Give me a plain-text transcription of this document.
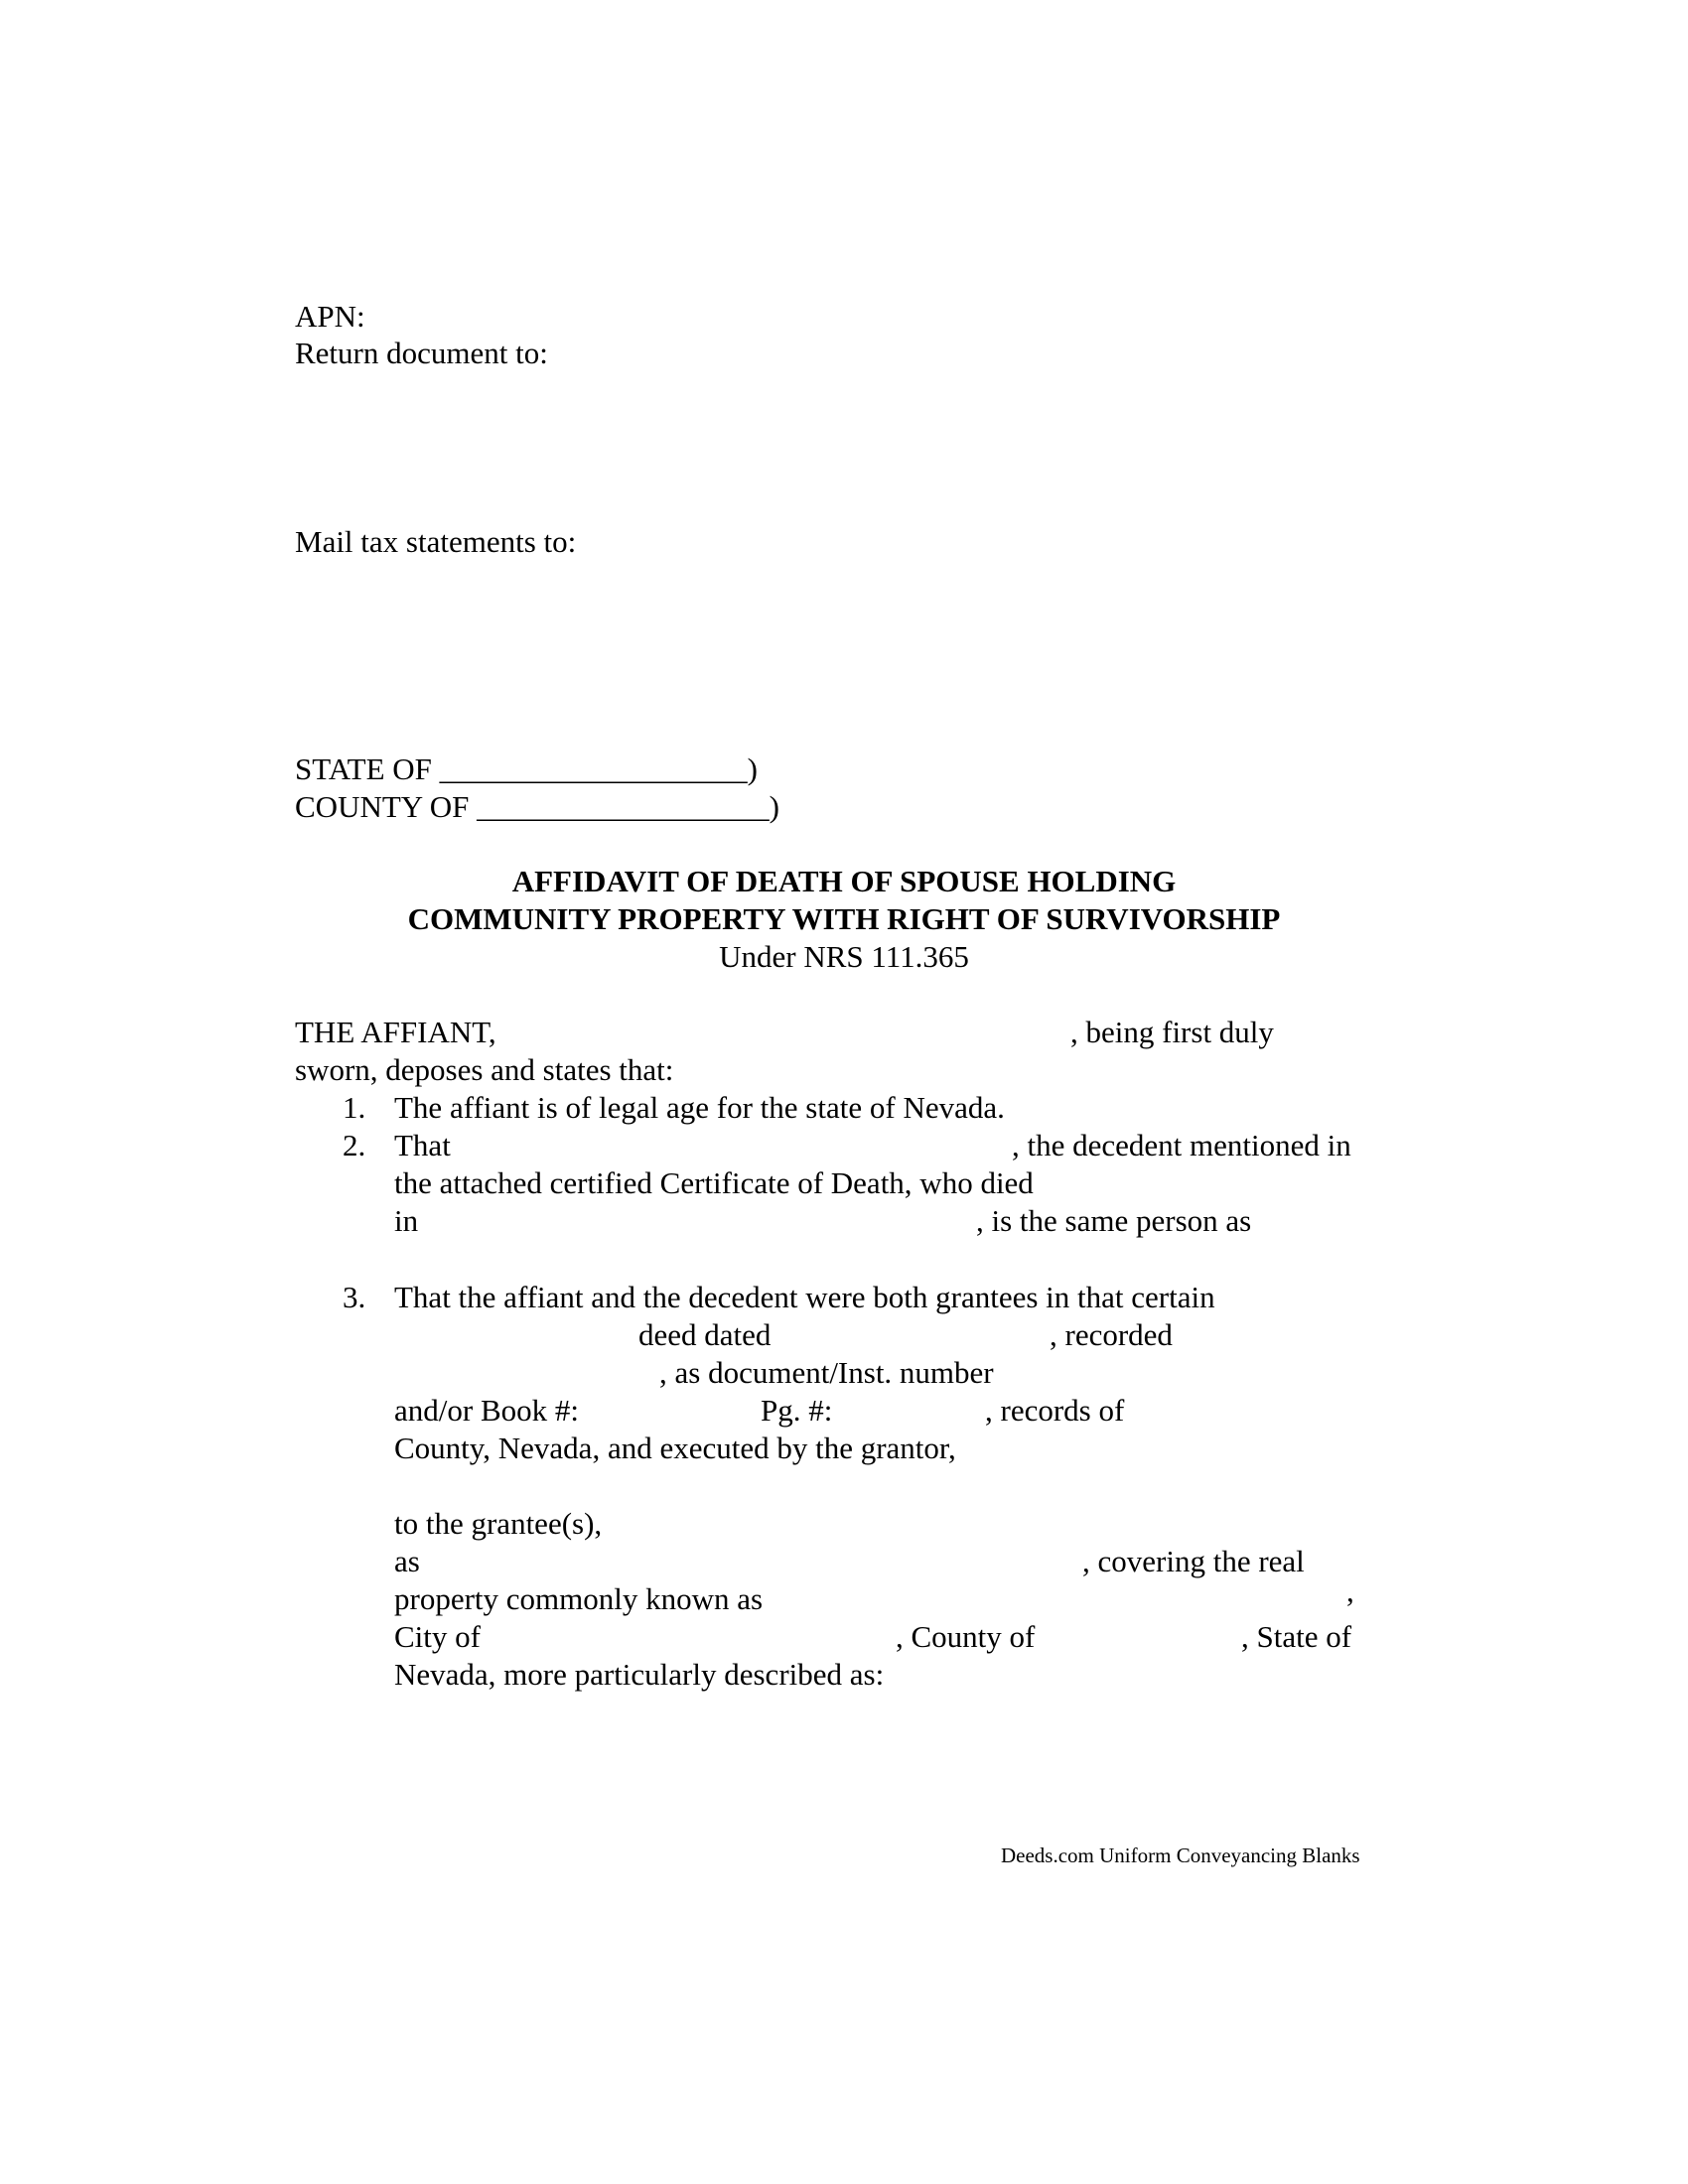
APN:
Return document to:
Mail tax statements to:
STATE OF ____________________)
COUNTY OF ___________________)
AFFIDAVIT OF DEATH OF SPOUSE HOLDING
COMMUNITY PROPERTY WITH RIGHT OF SURVIVORSHIP
Under NRS 111.365
THE AFFIANT,	, being first duly
sworn, deposes and states that:
1. The affiant is of legal age for the state of Nevada.
2. That	, the decedent mentioned in
the attached certified Certificate of Death, who died
in	, is the same person as
3. That the affiant and the decedent were both grantees in that certain
deed dated	, recorded
, as document/Inst. number
and/or Book #:	Pg. #:	, records of
County, Nevada, and executed by the grantor,
to the grantee(s),
as	, covering the real
property commonly known as	,
City of	, County of	, State of
Nevada, more particularly described as:
Deeds.com Uniform Conveyancing Blanks
